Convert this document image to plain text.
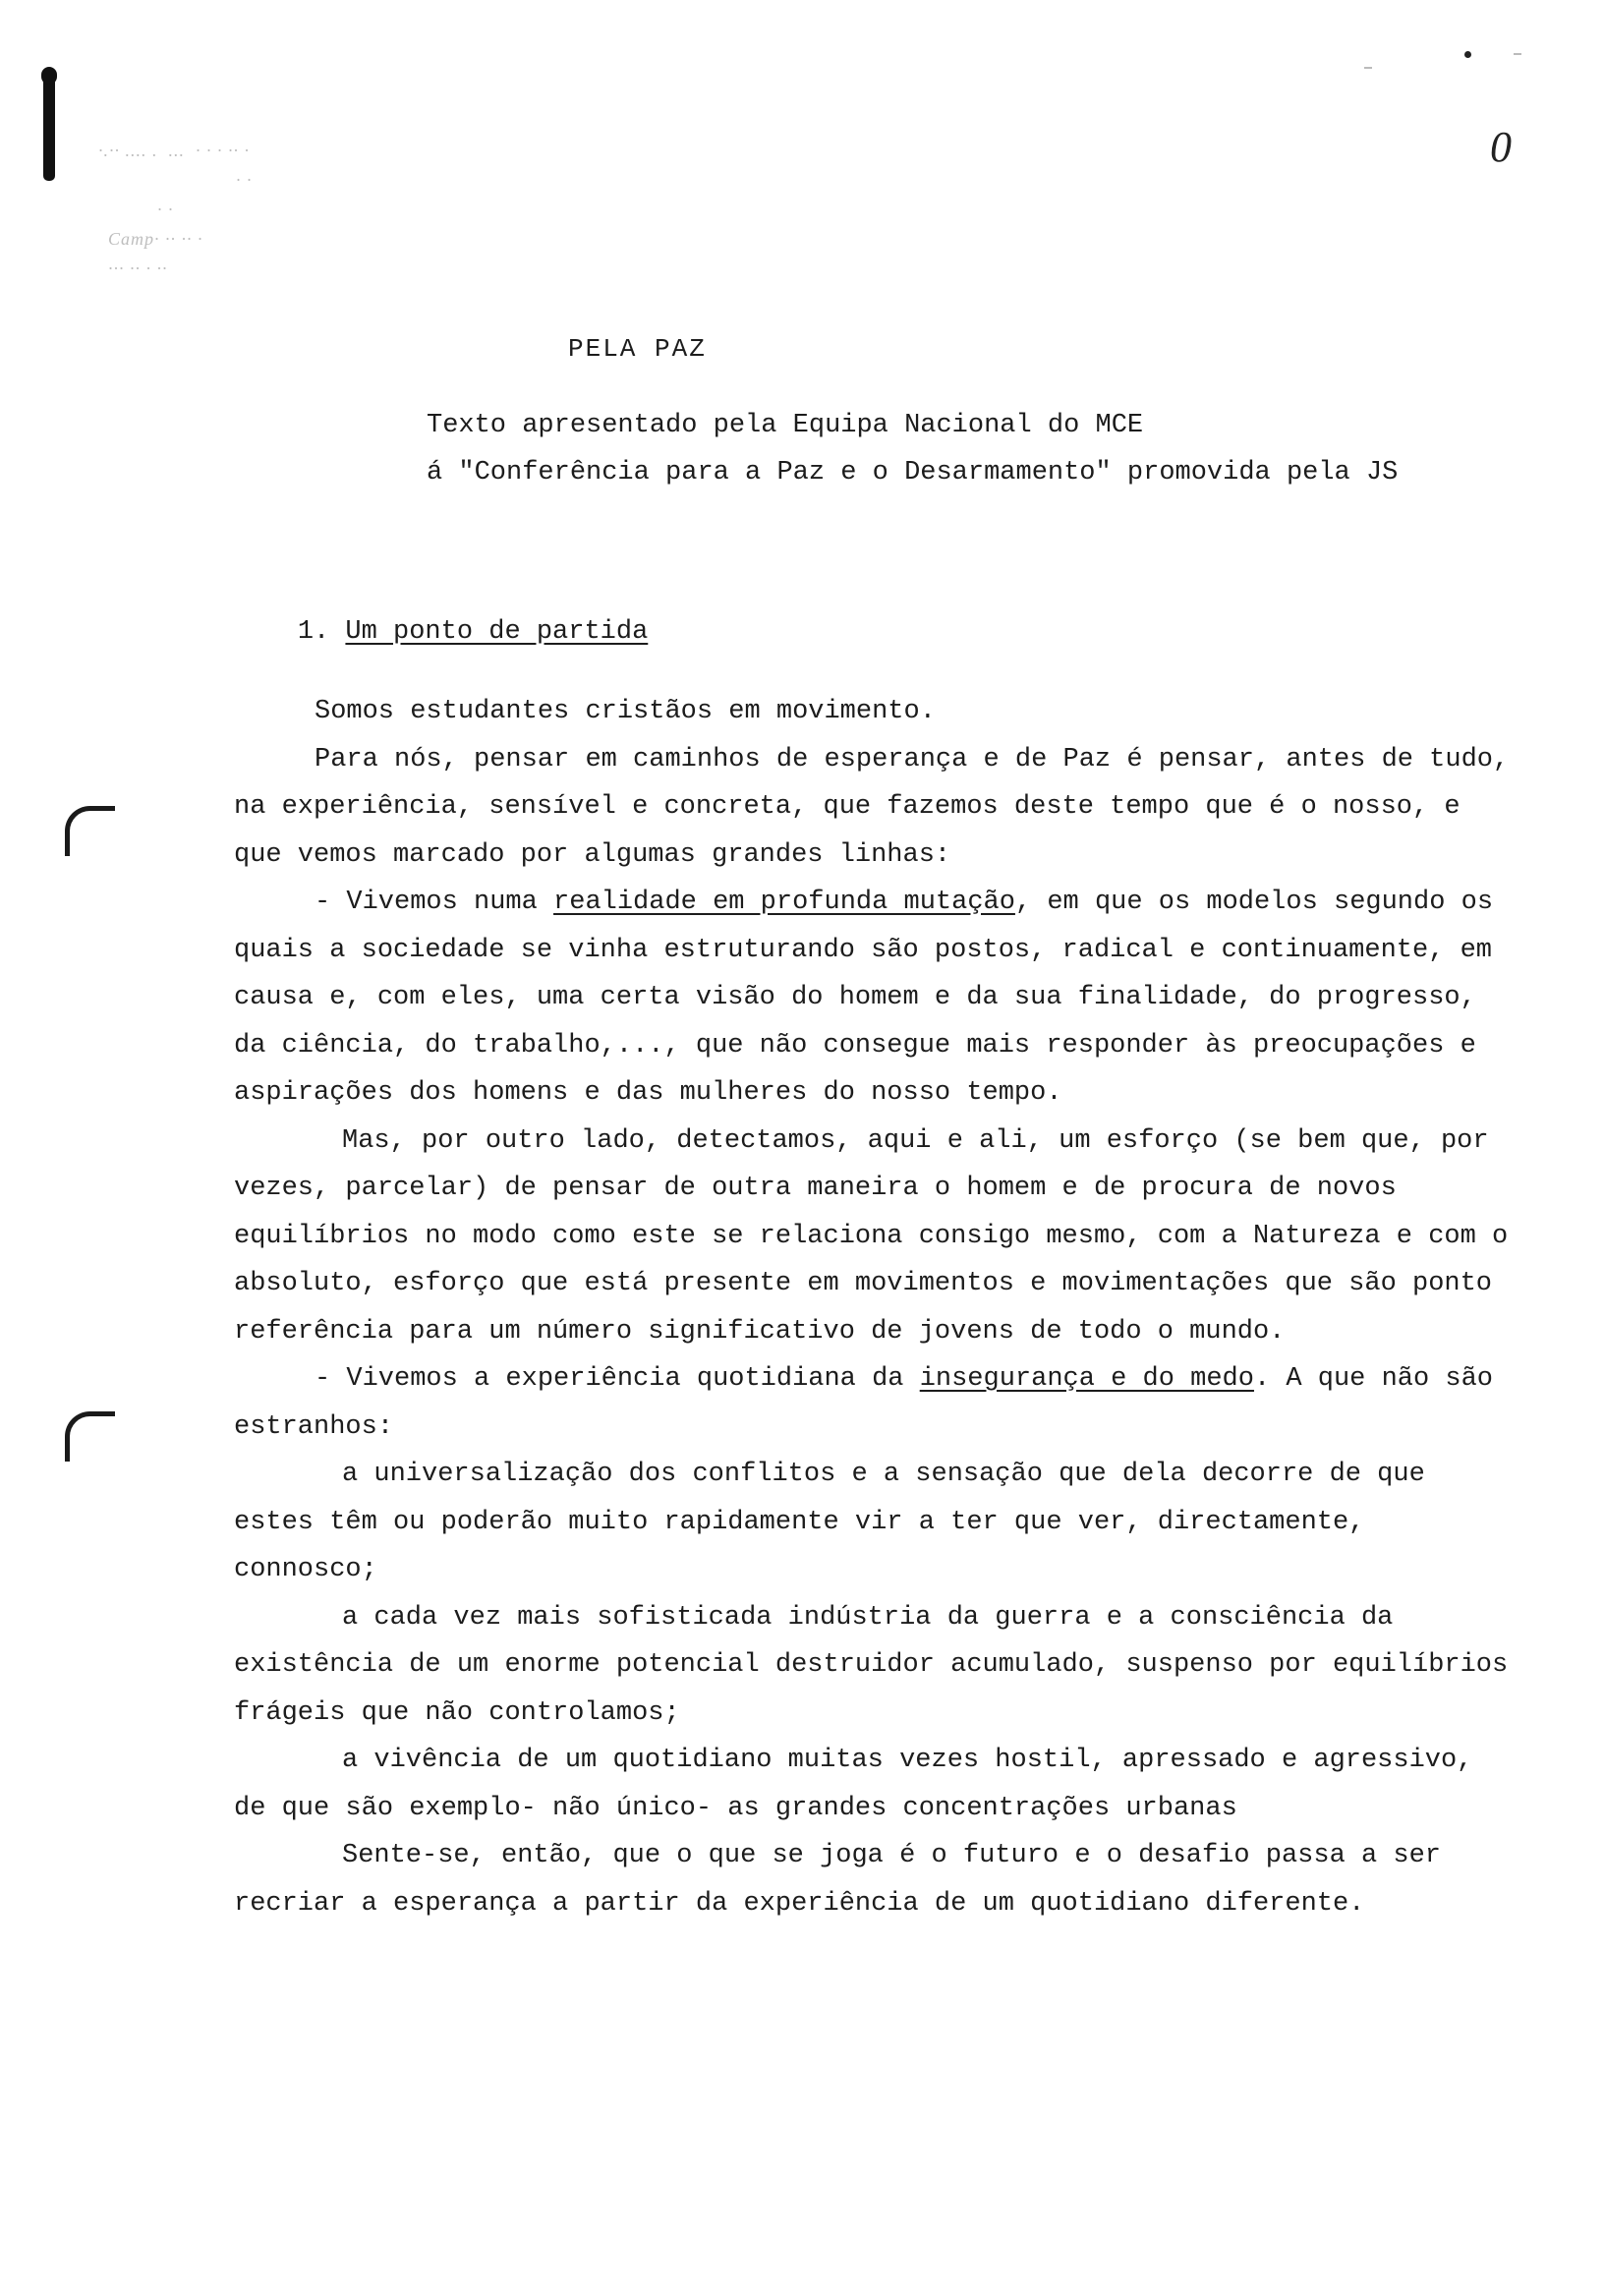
·.·· .... .  ...  · · · ·· ·
· ·
· ·
Camp· ·· ·· ·
··· ·· · ··
0
PELA PAZ
Texto apresentado pela Equipa Nacional do MCE
á "Conferência para a Paz e o Desarmamento" promovida pela JS

1. Um ponto de partida

Somos estudantes cristãos em movimento.

Para nós, pensar em caminhos de esperança e de Paz é pensar, antes de tudo, na experiência, sensível e concreta, que fazemos deste tempo que é o nosso, e que vemos marcado por algumas grandes linhas:

- Vivemos numa realidade em profunda mutação, em que os modelos segundo os quais a sociedade se vinha estruturando são postos, radical e continuamente, em causa e, com eles, uma certa visão do homem e da sua finalidade, do progresso, da ciência, do trabalho,..., que não consegue mais responder às preocupações e aspirações dos homens e das mulheres do nosso tempo.

Mas, por outro lado, detectamos, aqui e ali, um esforço (se bem que, por vezes, parcelar) de pensar de outra maneira o homem e de procura de novos equilíbrios no modo como este se relaciona consigo mesmo, com a Natureza e com o absoluto, esforço que está presente em movimentos e movimentações que são ponto referência para um número significativo de jovens de todo o mundo.

- Vivemos a experiência quotidiana da insegurança e do medo. A que não são estranhos:

a universalização dos conflitos e a sensação que dela decorre de que estes têm ou poderão muito rapidamente vir a ter que ver, directamente, connosco;

a cada vez mais sofisticada indústria da guerra e a consciência da existência de um enorme potencial destruidor acumulado, suspenso por equilíbrios frágeis que não controlamos;

a vivência de um quotidiano muitas vezes hostil, apressado e agressivo, de que são exemplo- não único- as grandes concentrações urbanas

Sente-se, então, que o que se joga é o futuro e o desafio passa a ser recriar a esperança a partir da experiência de um quotidiano diferente.
